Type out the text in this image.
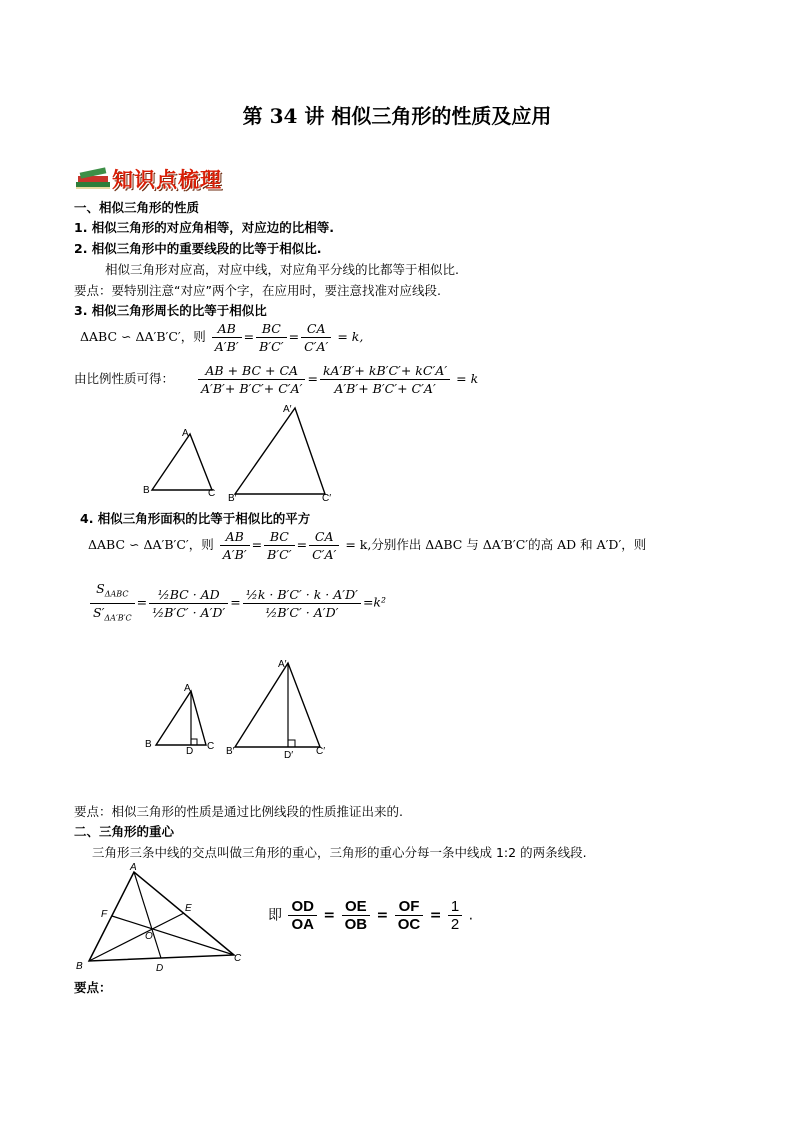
第 34 讲 相似三角形的性质及应用
知识点梳理
一、相似三角形的性质
1. 相似三角形的对应角相等，对应边的比相等.
2. 相似三角形中的重要线段的比等于相似比.
相似三角形对应高，对应中线，对应角平分线的比都等于相似比.
要点：要特别注意“对应”两个字，在应用时，要注意找准对应线段.
3. 相似三角形周长的比等于相似比
ΔABC ∽ ΔA′B′C′，则 $\frac{AB}{A'B'} = \frac{BC}{B'C'} = \frac{CA}{C'A'} = k$,
由比例性质可得： $\frac{AB + BC + CA}{A'B'+ B'C'+ C'A'} = \frac{kA'B'+ kB'C'+ kC'A'}{A'B'+ B'C'+ C'A'} = k$
A
B	C
A′
B′	C′
4. 相似三角形面积的比等于相似比的平方
ΔABC ∽ ΔA′B′C′，则 $\frac{AB}{A'B'} = \frac{BC}{B'C'} = \frac{CA}{C'A'} = k$,分别作出 ΔABC 与 ΔA′B′C′的高 AD 和 A′D′，则
$\frac{S_{\Delta ABC}}{S'_{\Delta A'B'C}} = \frac{\text{½BC · AD}}{\text{½B′C′ · A′D′}} = \frac{\text{½k · B′C′ · k · A′D′}}{\text{½B′C′ · A′D′}} =k^2$
A
B	C
D
A′
B′	C′
D′
要点：相似三角形的性质是通过比例线段的性质推证出来的.
二、三角形的重心
三角形三条中线的交点叫做三角形的重心，三角形的重心分每一条中线成 1:2 的两条线段.
A
B
C
D
E
F
O
即 $\frac{OD}{OA} = \frac{OE}{OB} = \frac{OF}{OC} = \frac{1}{2}$ .
要点：
